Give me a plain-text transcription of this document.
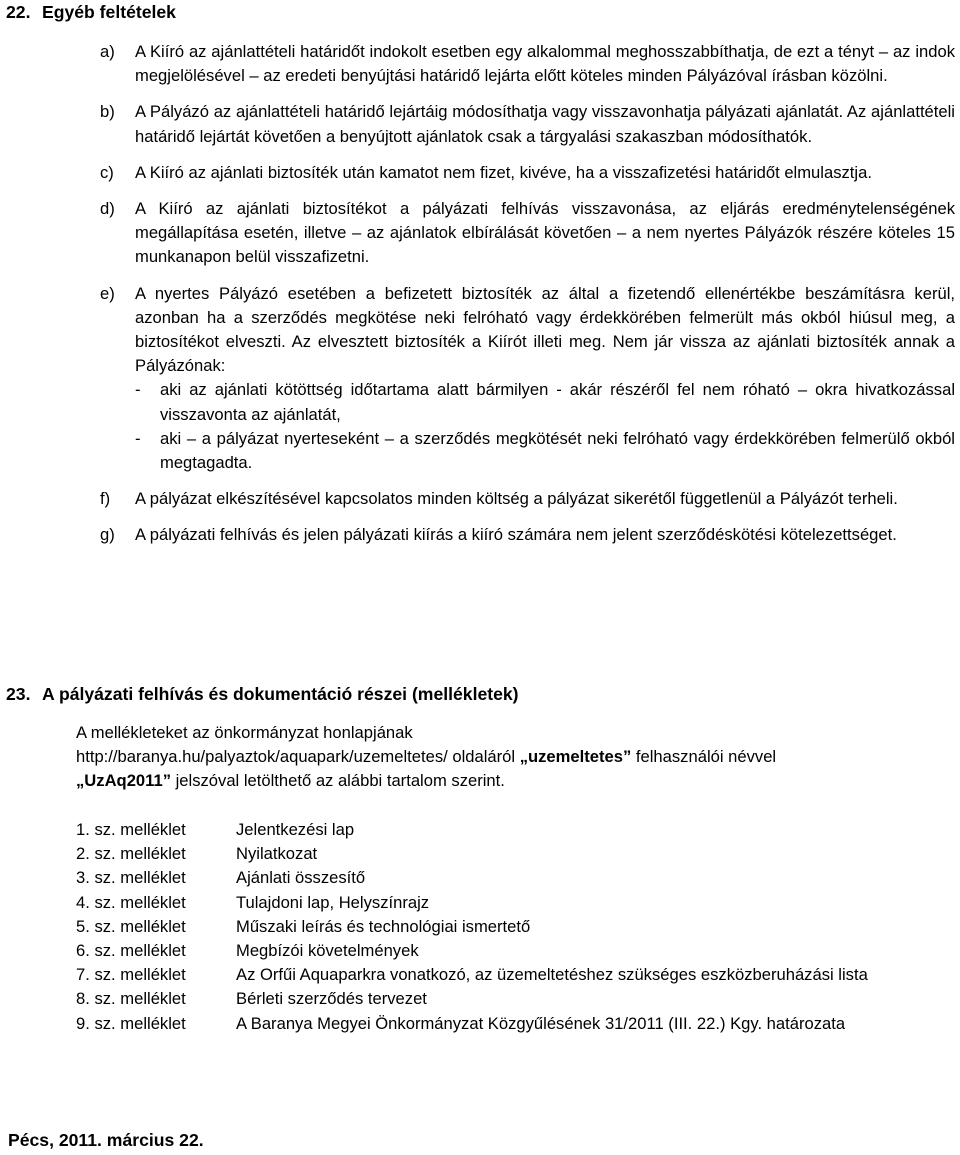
22. Egyéb feltételek
a) A Kiíró az ajánlattételi határidőt indokolt esetben egy alkalommal meghosszabbíthatja, de ezt a tényt – az indok megjelölésével – az eredeti benyújtási határidő lejárta előtt köteles minden Pályázóval írásban közölni.

b) A Pályázó az ajánlattételi határidő lejártáig módosíthatja vagy visszavonhatja pályázati ajánlatát. Az ajánlattételi határidő lejártát követően a benyújtott ajánlatok csak a tárgyalási szakaszban módosíthatók.

c) A Kiíró az ajánlati biztosíték után kamatot nem fizet, kivéve, ha a visszafizetési határidőt elmulasztja.

d) A Kiíró az ajánlati biztosítékot a pályázati felhívás visszavonása, az eljárás eredménytelenségének megállapítása esetén, illetve – az ajánlatok elbírálását követően – a nem nyertes Pályázók részére köteles 15 munkanapon belül visszafizetni.

e) A nyertes Pályázó esetében a befizetett biztosíték az által a fizetendő ellenértékbe beszámításra kerül, azonban ha a szerződés megkötése neki felróható vagy érdekkörében felmerült más okból hiúsul meg, a biztosítékot elveszti. Az elvesztett biztosíték a Kiírót illeti meg. Nem jár vissza az ajánlati biztosíték annak a Pályázónak:

- aki az ajánlati kötöttség időtartama alatt bármilyen - akár részéről fel nem róható – okra hivatkozással visszavonta az ajánlatát,

- aki – a pályázat nyerteseként – a szerződés megkötését neki felróható vagy érdekkörében felmerülő okból megtagadta.

f) A pályázat elkészítésével kapcsolatos minden költség a pályázat sikerétől függetlenül a Pályázót terheli.

g) A pályázati felhívás és jelen pályázati kiírás a kiíró számára nem jelent szerződéskötési kötelezettséget.

23. A pályázati felhívás és dokumentáció részei (mellékletek)
A mellékleteket az önkormányzat honlapjának
http://baranya.hu/palyaztok/aquapark/uzemeltetes/ oldaláról „uzemeltetes” felhasználói névvel
„UzAq2011” jelszóval letölthető az alábbi tartalom szerint.
1. sz. melléklet	Jelentkezési lap
2. sz. melléklet	Nyilatkozat
3. sz. melléklet	Ajánlati összesítő
4. sz. melléklet	Tulajdoni lap, Helyszínrajz
5. sz. melléklet	Műszaki leírás és technológiai ismertető
6. sz. melléklet	Megbízói követelmények
7. sz. melléklet	Az Orfűi Aquaparkra vonatkozó, az üzemeltetéshez szükséges eszközberuházási lista
8. sz. melléklet	Bérleti szerződés tervezet
9. sz. melléklet	A Baranya Megyei Önkormányzat Közgyűlésének 31/2011 (III. 22.) Kgy. határozata

Pécs, 2011. március 22.
